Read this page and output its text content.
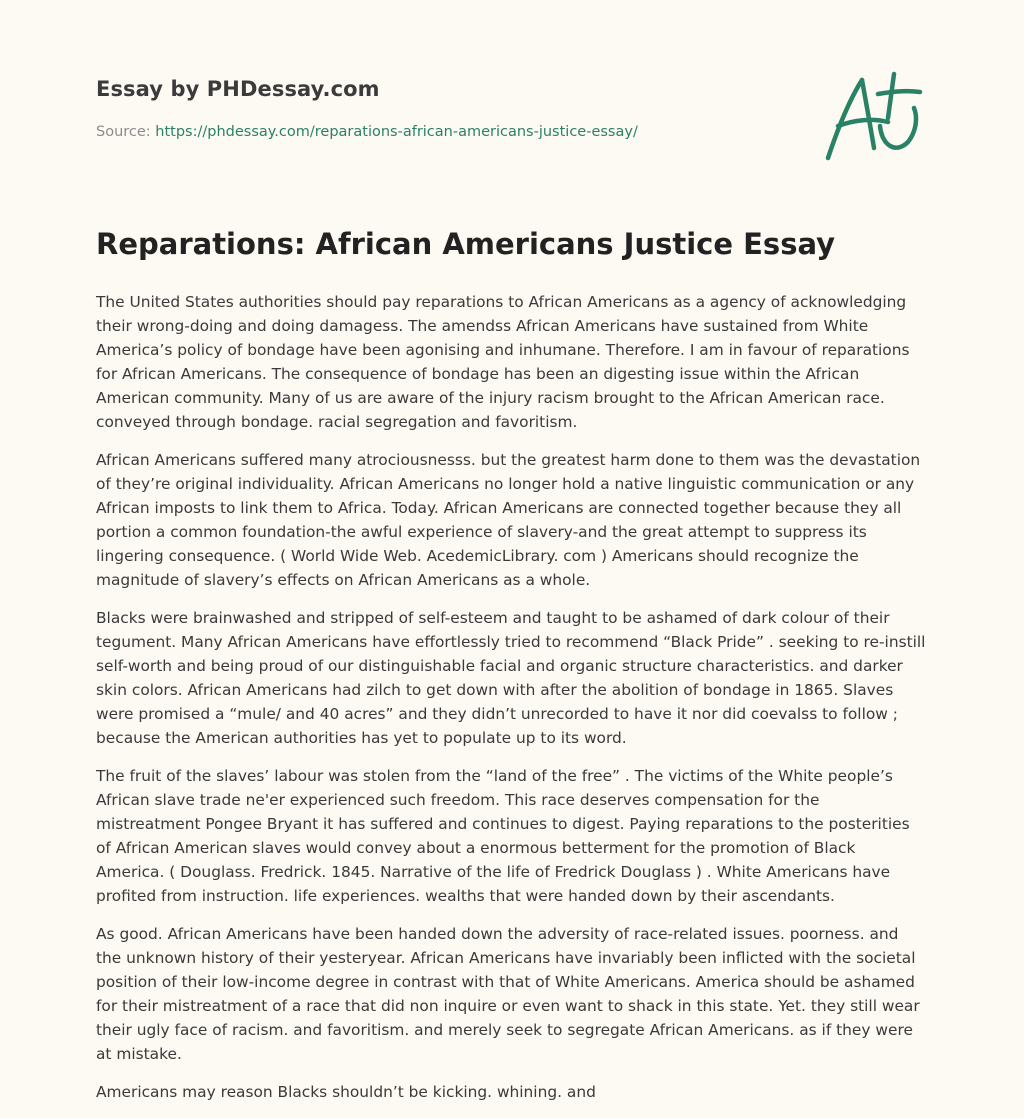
Essay by PHDessay.com
Source: https://phdessay.com/reparations-african-americans-justice-essay/
Reparations: African Americans Justice Essay

The United States authorities should pay reparations to African Americans as a agency of acknowledging their wrong-doing and doing damagess. The amendss African Americans have sustained from White America’s policy of bondage have been agonising and inhumane. Therefore. I am in favour of reparations for African Americans. The consequence of bondage has been an digesting issue within the African American community. Many of us are aware of the injury racism brought to the African American race. conveyed through bondage. racial segregation and favoritism.

African Americans suffered many atrociousnesss. but the greatest harm done to them was the devastation of they’re original individuality. African Americans no longer hold a native linguistic communication or any African imposts to link them to Africa. Today. African Americans are connected together because they all portion a common foundation-the awful experience of slavery-and the great attempt to suppress its lingering consequence. ( World Wide Web. AcedemicLibrary. com ) Americans should recognize the magnitude of slavery’s effects on African Americans as a whole.

Blacks were brainwashed and stripped of self-esteem and taught to be ashamed of dark colour of their tegument. Many African Americans have effortlessly tried to recommend “Black Pride” . seeking to re-instill self-worth and being proud of our distinguishable facial and organic structure characteristics. and darker skin colors. African Americans had zilch to get down with after the abolition of bondage in 1865. Slaves were promised a “mule/ and 40 acres” and they didn’t unrecorded to have it nor did coevalss to follow ; because the American authorities has yet to populate up to its word.

The fruit of the slaves’ labour was stolen from the “land of the free” . The victims of the White people’s African slave trade ne'er experienced such freedom. This race deserves compensation for the mistreatment Pongee Bryant it has suffered and continues to digest. Paying reparations to the posterities of African American slaves would convey about a enormous betterment for the promotion of Black America. ( Douglass. Fredrick. 1845. Narrative of the life of Fredrick Douglass ) . White Americans have profited from instruction. life experiences. wealths that were handed down by their ascendants.

As good. African Americans have been handed down the adversity of race-related issues. poorness. and the unknown history of their yesteryear. African Americans have invariably been inflicted with the societal position of their low-income degree in contrast with that of White Americans. America should be ashamed for their mistreatment of a race that did non inquire or even want to shack in this state. Yet. they still wear their ugly face of racism. and favoritism. and merely seek to segregate African Americans. as if they were at mistake.

Americans may reason Blacks shouldn’t be kicking. whining. and
